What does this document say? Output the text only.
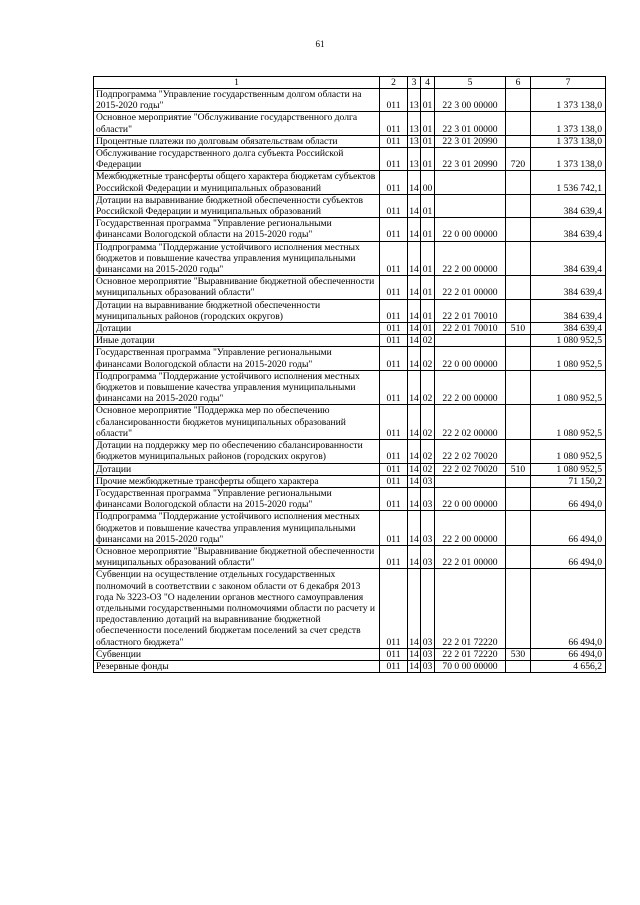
61
1	2	3	4	5	6	7
Подпрограмма "Управление государственным долгом области на 2015-2020 годы"	011	13	01	22 3 00 00000		1 373 138,0
Основное мероприятие "Обслуживание государственного долга области"	011	13	01	22 3 01 00000		1 373 138,0
Процентные платежи по долговым обязательствам области	011	13	01	22 3 01 20990		1 373 138,0
Обслуживание государственного долга субъекта Российской Федерации	011	13	01	22 3 01 20990	720	1 373 138,0
Межбюджетные трансферты общего характера бюджетам субъектов Российской Федерации и муниципальных образований	011	14	00			1 536 742,1
Дотации на выравнивание бюджетной обеспеченности субъектов Российской Федерации и муниципальных образований	011	14	01			384 639,4
Государственная программа "Управление региональными финансами Вологодской области на 2015-2020 годы"	011	14	01	22 0 00 00000		384 639,4
Подпрограмма "Поддержание устойчивого исполнения местных бюджетов и повышение качества управления муниципальными финансами на 2015-2020 годы"	011	14	01	22 2 00 00000		384 639,4
Основное мероприятие "Выравнивание бюджетной обеспеченности муниципальных образований области"	011	14	01	22 2 01 00000		384 639,4
Дотации на выравнивание бюджетной обеспеченности муниципальных районов (городских округов)	011	14	01	22 2 01 70010		384 639,4
Дотации	011	14	01	22 2 01 70010	510	384 639,4
Иные дотации	011	14	02			1 080 952,5
Государственная программа "Управление региональными финансами Вологодской области на 2015-2020 годы"	011	14	02	22 0 00 00000		1 080 952,5
Подпрограмма "Поддержание устойчивого исполнения местных бюджетов и повышение качества управления муниципальными финансами на 2015-2020 годы"	011	14	02	22 2 00 00000		1 080 952,5
Основное мероприятие "Поддержка мер по обеспечению сбалансированности бюджетов муниципальных образований области"	011	14	02	22 2 02 00000		1 080 952,5
Дотации на поддержку мер по обеспечению сбалансированности бюджетов муниципальных районов (городских округов)	011	14	02	22 2 02 70020		1 080 952,5
Дотации	011	14	02	22 2 02 70020	510	1 080 952,5
Прочие межбюджетные трансферты общего характера	011	14	03			71 150,2
Государственная программа "Управление региональными финансами Вологодской области на 2015-2020 годы"	011	14	03	22 0 00 00000		66 494,0
Подпрограмма "Поддержание устойчивого исполнения местных бюджетов и повышение качества управления муниципальными финансами на 2015-2020 годы"	011	14	03	22 2 00 00000		66 494,0
Основное мероприятие "Выравнивание бюджетной обеспеченности муниципальных образований области"	011	14	03	22 2 01 00000		66 494,0
Субвенции на осуществление отдельных государственных полномочий в соответствии с законом области от 6 декабря 2013 года № 3223-ОЗ "О наделении органов местного самоуправления отдельными государственными полномочиями области по расчету и предоставлению дотаций на выравнивание бюджетной обеспеченности поселений бюджетам поселений за счет средств областного бюджета"	011	14	03	22 2 01 72220		66 494,0
Субвенции	011	14	03	22 2 01 72220	530	66 494,0
Резервные фонды	011	14	03	70 0 00 00000		4 656,2
